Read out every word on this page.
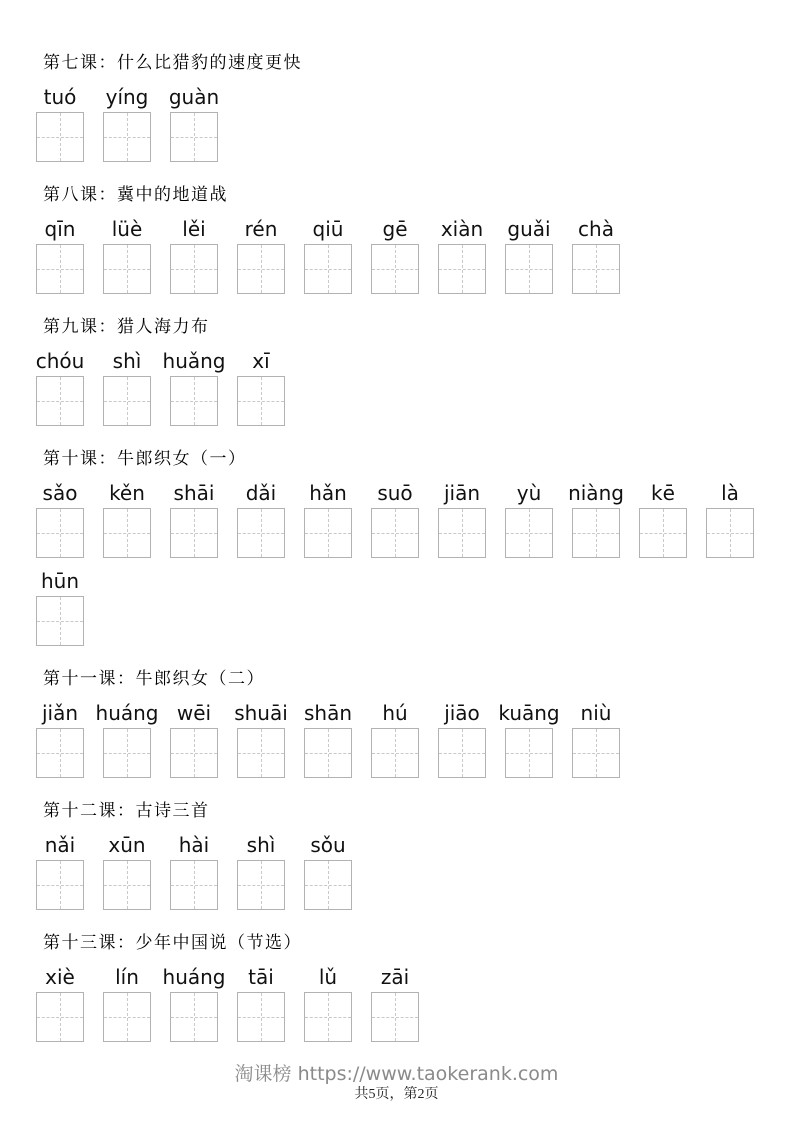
第七课：什么比猎豹的速度更快
tuó yíng guàn
第八课：冀中的地道战
qīn lüè lěi rén qiū gē xiàn guǎi chà
第九课：猎人海力布
chóu shì huǎng xī
第十课：牛郎织女（一）
sǎo kěn shāi dǎi hǎn suō jiān yù niàng kē là
hūn
第十一课：牛郎织女（二）
jiǎn huáng wēi shuāi shān hú jiāo kuāng niù
第十二课：古诗三首
nǎi xūn hài shì sǒu
第十三课：少年中国说（节选）
xiè lín huáng tāi lǔ zāi
淘课榜 https://www.taokerank.com
共5页，第2页
